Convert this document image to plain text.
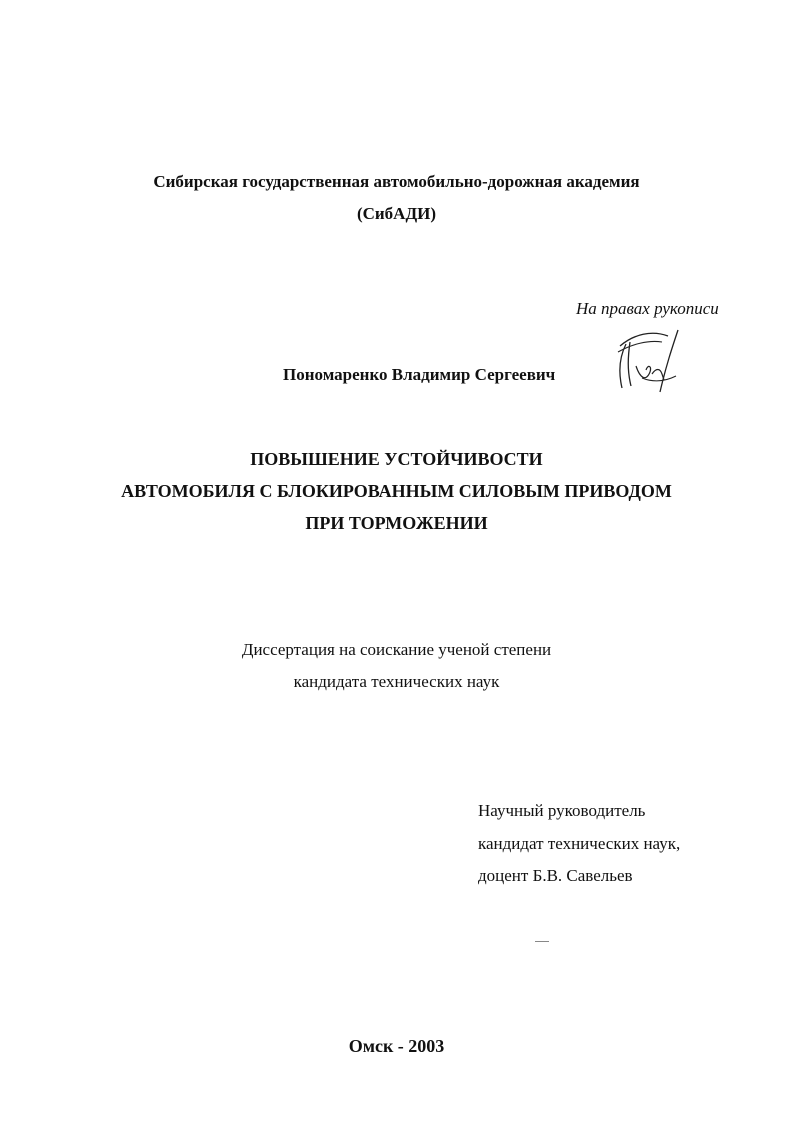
Сибирская государственная автомобильно-дорожная академия
(СибАДИ)
На правах рукописи
Пономаренко Владимир Сергеевич
ПОВЫШЕНИЕ УСТОЙЧИВОСТИ
АВТОМОБИЛЯ С БЛОКИРОВАННЫМ СИЛОВЫМ ПРИВОДОМ
ПРИ ТОРМОЖЕНИИ
Диссертация на соискание ученой степени
кандидата технических наук
Научный руководитель
кандидат технических наук,
доцент Б.В. Савельев
Омск - 2003
